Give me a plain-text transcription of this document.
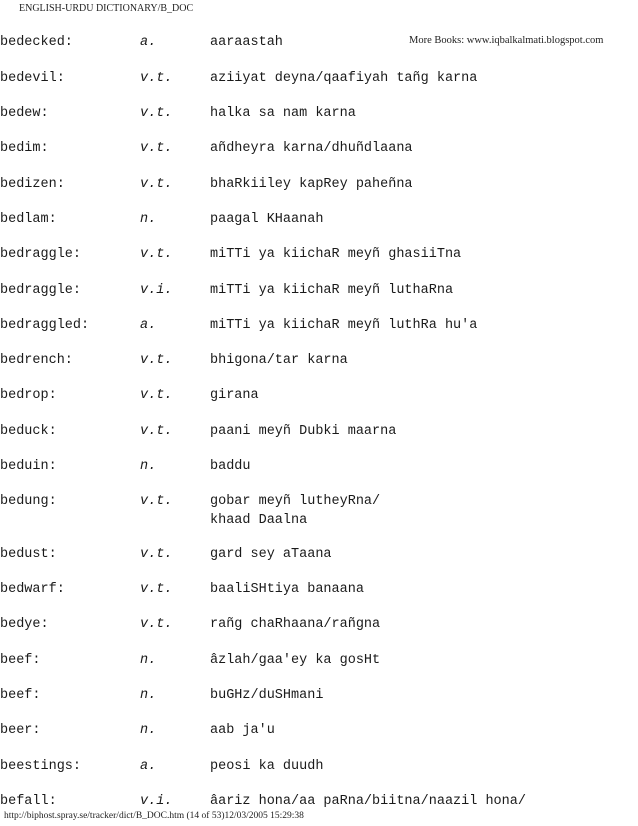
ENGLISH-URDU DICTIONARY/B_DOC
More Books: www.iqbalkalmati.blogspot.com
bedecked:	a.	aaraastah
bedevil:	v.t.	aziiyat deyna/qaafiyah tañg karna
bedew:	v.t.	halka sa nam karna
bedim:	v.t.	añdheyra karna/dhuñdlaana
bedizen:	v.t.	bhaRkiiley kapRey paheñna
bedlam:	n.	paagal KHaanah
bedraggle:	v.t.	miTTi ya kiichaR meyñ ghasiiTna
bedraggle:	v.i.	miTTi ya kiichaR meyñ luthaRna
bedraggled:	a.	miTTi ya kiichaR meyñ luthRa hu'a
bedrench:	v.t.	bhigona/tar karna
bedrop:	v.t.	girana
beduck:	v.t.	paani meyñ Dubki maarna
beduin:	n.	baddu
bedung:	v.t.	gobar meyñ lutheyRna/
khaad Daalna
bedust:	v.t.	gard sey aTaana
bedwarf:	v.t.	baaliSHtiya banaana
bedye:	v.t.	rañg chaRhaana/rañgna
beef:	n.	âzlah/gaa'ey ka gosHt
beef:	n.	buGHz/duSHmani
beer:	n.	aab ja'u
beestings:	a.	peosi ka duudh
befall:	v.i.	âariz hona/aa paRna/biitna/naazil hona/
http://biphost.spray.se/tracker/dict/B_DOC.htm (14 of 53)12/03/2005 15:29:38
